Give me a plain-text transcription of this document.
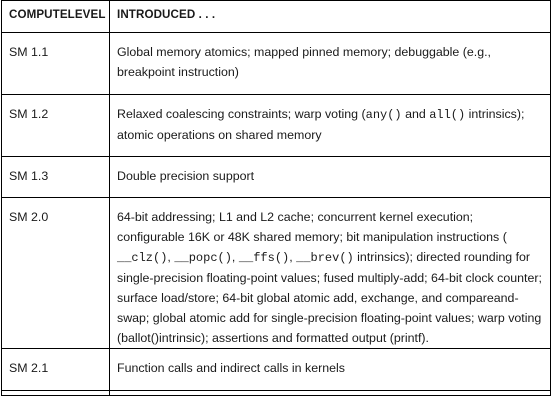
COMPUTELEVEL	INTRODUCED . . .

SM 1.1	Global memory atomics; mapped pinned memory; debuggable (e.g., breakpoint instruction)

SM 1.2	Relaxed coalescing constraints; warp voting (any() and all() intrinsics); atomic operations on shared memory

SM 1.3	Double precision support

SM 2.0	64-bit addressing; L1 and L2 cache; concurrent kernel execution; configurable 16K or 48K shared memory; bit manipulation instructions ( __clz(), __popc(), __ffs(), __brev() intrinsics); directed rounding for single-precision floating-point values; fused multiply-add; 64-bit clock counter; surface load/store; 64-bit global atomic add, exchange, and compareand-swap; global atomic add for single-precision floating-point values; warp voting (ballot()intrinsic); assertions and formatted output (printf).

SM 2.1	Function calls and indirect calls in kernels
